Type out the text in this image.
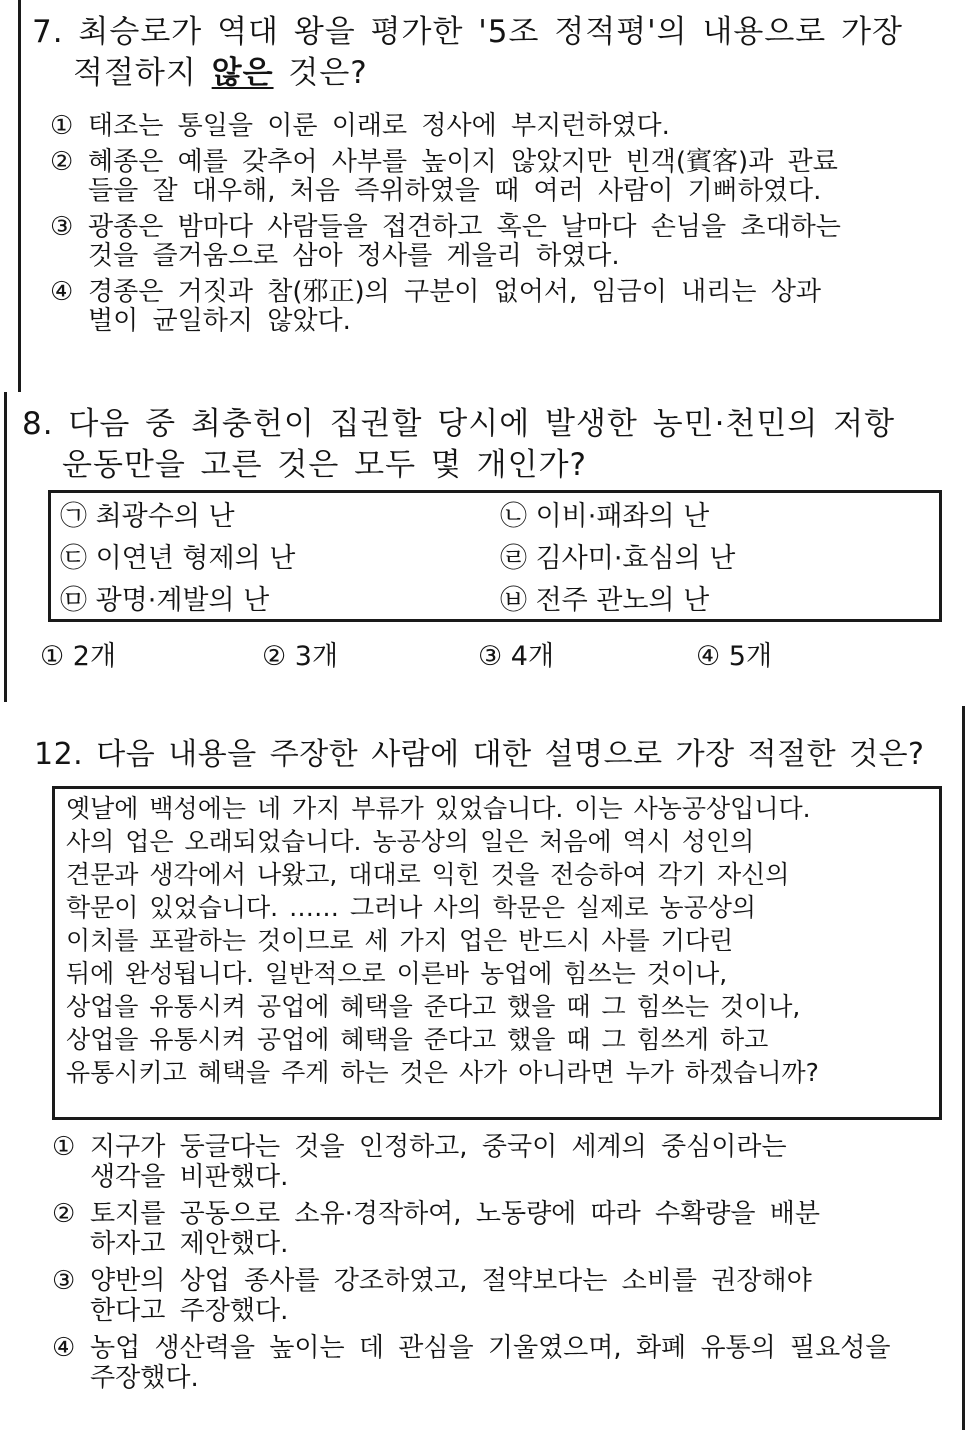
7. 최승로가 역대 왕을 평가한 '5조 정적평'의 내용으로 가장
적절하지 않은 것은?
① 태조는 통일을 이룬 이래로 정사에 부지런하였다.
② 혜종은 예를 갖추어 사부를 높이지 않았지만 빈객(賓客)과 관료
들을 잘 대우해, 처음 즉위하였을 때 여러 사람이 기뻐하였다.
③ 광종은 밤마다 사람들을 접견하고 혹은 날마다 손님을 초대하는
것을 즐거움으로 삼아 정사를 게을리 하였다.
④ 경종은 거짓과 참(邪正)의 구분이 없어서, 임금이 내리는 상과
벌이 균일하지 않았다.
8. 다음 중 최충헌이 집권할 당시에 발생한 농민·천민의 저항
운동만을 고른 것은 모두 몇 개인가?
㉠ 최광수의 난	㉡ 이비·패좌의 난
㉢ 이연년 형제의 난	㉣ 김사미·효심의 난
㉤ 광명·계발의 난	㉥ 전주 관노의 난
① 2개	② 3개	③ 4개	④ 5개
12. 다음 내용을 주장한 사람에 대한 설명으로 가장 적절한 것은?
옛날에 백성에는 네 가지 부류가 있었습니다. 이는 사농공상입니다.
사의 업은 오래되었습니다. 농공상의 일은 처음에 역시 성인의
견문과 생각에서 나왔고, 대대로 익힌 것을 전승하여 각기 자신의
학문이 있었습니다. …… 그러나 사의 학문은 실제로 농공상의
이치를 포괄하는 것이므로 세 가지 업은 반드시 사를 기다린
뒤에 완성됩니다. 일반적으로 이른바 농업에 힘쓰는 것이나,
상업을 유통시켜 공업에 혜택을 준다고 했을 때 그 힘쓰는 것이나,
상업을 유통시켜 공업에 혜택을 준다고 했을 때 그 힘쓰게 하고
유통시키고 혜택을 주게 하는 것은 사가 아니라면 누가 하겠습니까?
① 지구가 둥글다는 것을 인정하고, 중국이 세계의 중심이라는
생각을 비판했다.
② 토지를 공동으로 소유·경작하여, 노동량에 따라 수확량을 배분
하자고 제안했다.
③ 양반의 상업 종사를 강조하였고, 절약보다는 소비를 권장해야
한다고 주장했다.
④ 농업 생산력을 높이는 데 관심을 기울였으며, 화폐 유통의 필요성을
주장했다.
